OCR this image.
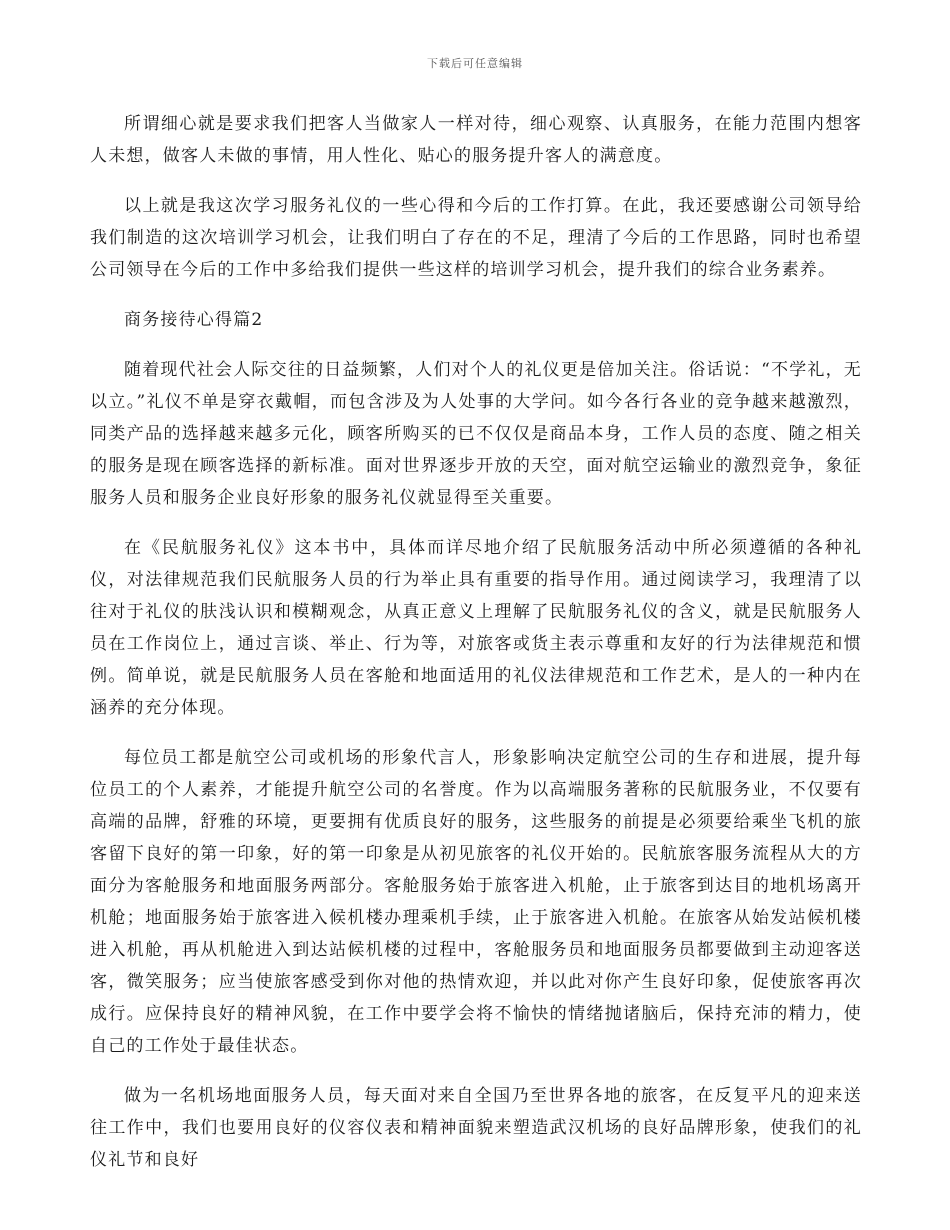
下载后可任意编辑

所谓细心就是要求我们把客人当做家人一样对待，细心观察、认真服务，在能力范围内想客人未想，做客人未做的事情，用人性化、贴心的服务提升客人的满意度。

以上就是我这次学习服务礼仪的一些心得和今后的工作打算。在此，我还要感谢公司领导给我们制造的这次培训学习机会，让我们明白了存在的不足，理清了今后的工作思路，同时也希望公司领导在今后的工作中多给我们提供一些这样的培训学习机会，提升我们的综合业务素养。

商务接待心得篇2

随着现代社会人际交往的日益频繁，人们对个人的礼仪更是倍加关注。俗话说：“不学礼，无以立。”礼仪不单是穿衣戴帽，而包含涉及为人处事的大学问。如今各行各业的竞争越来越激烈，同类产品的选择越来越多元化，顾客所购买的已不仅仅是商品本身，工作人员的态度、随之相关的服务是现在顾客选择的新标准。面对世界逐步开放的天空，面对航空运输业的激烈竞争，象征服务人员和服务企业良好形象的服务礼仪就显得至关重要。

在《民航服务礼仪》这本书中，具体而详尽地介绍了民航服务活动中所必须遵循的各种礼仪，对法律规范我们民航服务人员的行为举止具有重要的指导作用。通过阅读学习，我理清了以往对于礼仪的肤浅认识和模糊观念，从真正意义上理解了民航服务礼仪的含义，就是民航服务人员在工作岗位上，通过言谈、举止、行为等，对旅客或货主表示尊重和友好的行为法律规范和惯例。简单说，就是民航服务人员在客舱和地面适用的礼仪法律规范和工作艺术，是人的一种内在涵养的充分体现。

每位员工都是航空公司或机场的形象代言人，形象影响决定航空公司的生存和进展，提升每位员工的个人素养，才能提升航空公司的名誉度。作为以高端服务著称的民航服务业，不仅要有高端的品牌，舒雅的环境，更要拥有优质良好的服务，这些服务的前提是必须要给乘坐飞机的旅客留下良好的第一印象，好的第一印象是从初见旅客的礼仪开始的。民航旅客服务流程从大的方面分为客舱服务和地面服务两部分。客舱服务始于旅客进入机舱，止于旅客到达目的地机场离开机舱；地面服务始于旅客进入候机楼办理乘机手续，止于旅客进入机舱。在旅客从始发站候机楼进入机舱，再从机舱进入到达站候机楼的过程中，客舱服务员和地面服务员都要做到主动迎客送客，微笑服务；应当使旅客感受到你对他的热情欢迎，并以此对你产生良好印象，促使旅客再次成行。应保持良好的精神风貌，在工作中要学会将不愉快的情绪抛诸脑后，保持充沛的精力，使自己的工作处于最佳状态。

做为一名机场地面服务人员，每天面对来自全国乃至世界各地的旅客，在反复平凡的迎来送往工作中，我们也要用良好的仪容仪表和精神面貌来塑造武汉机场的良好品牌形象，使我们的礼仪礼节和良好
